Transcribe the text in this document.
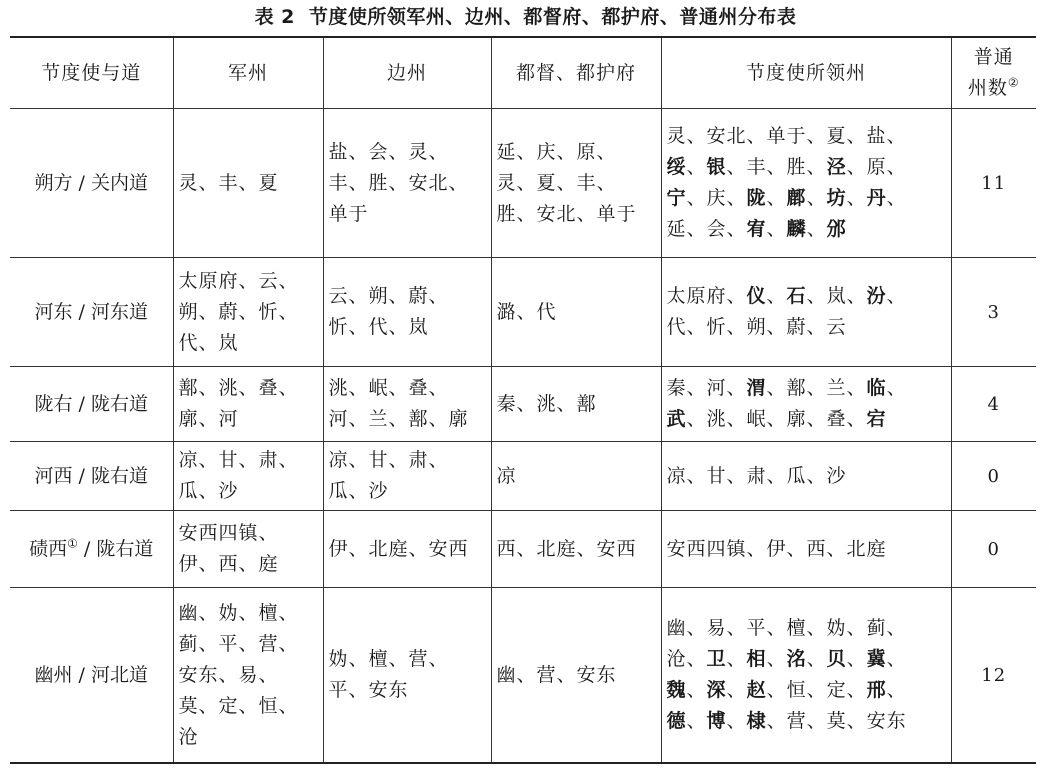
表 2 节度使所领军州、边州、都督府、都护府、普通州分布表
节度使与道	军州	边州	都督、都护府	节度使所领州	普通
州数②

朔方 / 关内道	灵、丰、夏	盐、会、灵、丰、胜、安北、单于	延、庆、原、灵、夏、丰、胜、安北、单于	灵、安北、单于、夏、盐、绥、银、丰、胜、泾、原、宁、庆、陇、鄜、坊、丹、延、会、宥、麟、邠	11
河东 / 河东道	太原府、云、朔、蔚、忻、代、岚	云、朔、蔚、忻、代、岚	潞、代	太原府、仪、石、岚、汾、代、忻、朔、蔚、云	3
陇右 / 陇右道	鄯、洮、叠、廓、河	洮、岷、叠、河、兰、鄯、廓	秦、洮、鄯	秦、河、渭、鄯、兰、临、武、洮、岷、廓、叠、宕	4
河西 / 陇右道	凉、甘、肃、瓜、沙	凉、甘、肃、瓜、沙	凉	凉、甘、肃、瓜、沙	0
碛西① / 陇右道	安西四镇、伊、西、庭	伊、北庭、安西	西、北庭、安西	安西四镇、伊、西、北庭	0
幽州 / 河北道	幽、妫、檀、蓟、平、营、安东、易、莫、定、恒、沧	妫、檀、营、平、安东	幽、营、安东	幽、易、平、檀、妫、蓟、沧、卫、相、洺、贝、冀、魏、深、赵、恒、定、邢、德、博、棣、营、莫、安东	12
